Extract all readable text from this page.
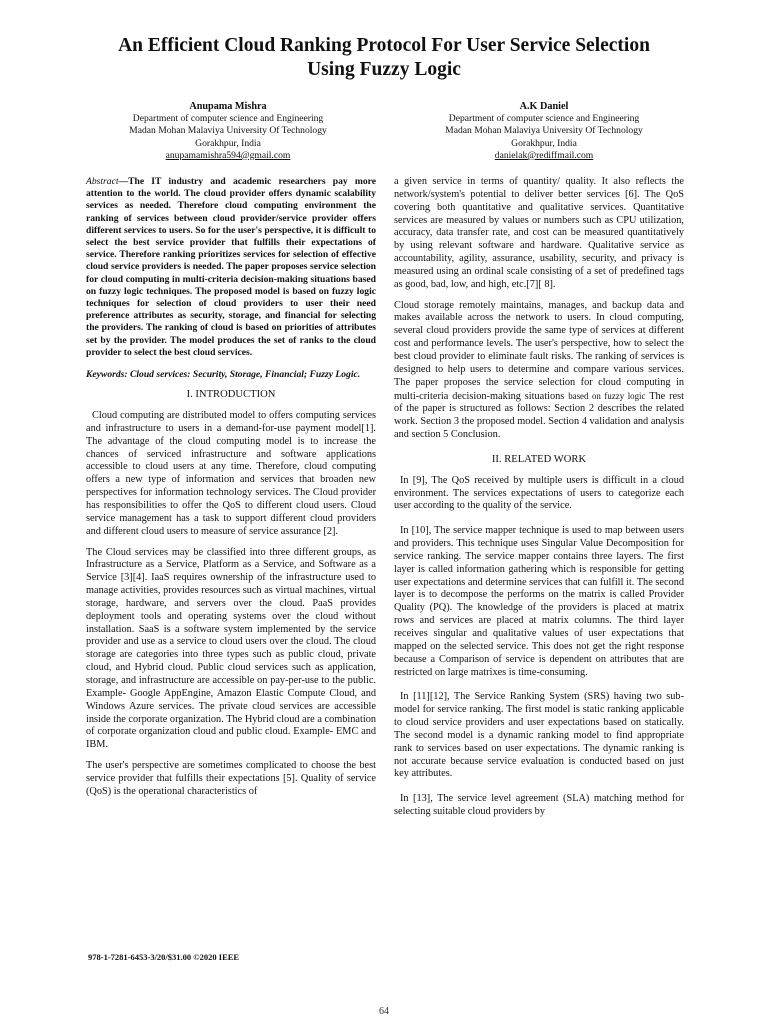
An Efficient Cloud Ranking Protocol For User Service Selection
Using Fuzzy Logic
Anupama Mishra
Department of computer science and Engineering
Madan Mohan Malaviya University Of Technology
Gorakhpur, India
anupamamishra594@gmail.com
A.K Daniel
Department of computer science and Engineering
Madan Mohan Malaviya University Of Technology
Gorakhpur, India
danielak@rediffmail.com

Abstract—The IT industry and academic researchers pay more attention to the world. The cloud provider offers dynamic scalability services as needed. Therefore cloud computing environment the ranking of services between cloud provider/service provider offers different services to users. So for the user's perspective, it is difficult to select the best service provider that fulfills their expectations of service. Therefore ranking prioritizes services for selection of effective cloud service providers is needed. The paper proposes service selection for cloud computing in multi-criteria decision-making situations based on fuzzy logic techniques. The proposed model is based on fuzzy logic techniques for selection of cloud providers to user their need preference attributes as security, storage, and financial for selecting the providers. The ranking of cloud is based on priorities of attributes set by the provider. The model produces the set of ranks to the cloud provider to select the best cloud services.

Keywords: Cloud services: Security, Storage, Financial; Fuzzy Logic.

I. INTRODUCTION

Cloud computing are distributed model to offers computing services and infrastructure to users in a demand-for-use payment model[1]. The advantage of the cloud computing model is to increase the chances of serviced infrastructure and software applications accessible to cloud users at any time. Therefore, cloud computing offers a new type of information and services that broaden new perspectives for information technology services. The Cloud provider has responsibilities to offer the QoS to different cloud users. Cloud service management has a task to support different cloud providers and different cloud users to measure of service assurance [2].

The Cloud services may be classified into three different groups, as Infrastructure as a Service, Platform as a Service, and Software as a Service [3][4]. IaaS requires ownership of the infrastructure used to manage activities, provides resources such as virtual machines, virtual storage, hardware, and servers over the cloud. PaaS provides deployment tools and operating systems over the cloud without installation. SaaS is a software system implemented by the service provider and use as a service to cloud users over the cloud. The cloud storage are categories into three types such as public cloud, private cloud, and Hybrid cloud. Public cloud services such as application, storage, and infrastructure are accessible on pay-per-use to the public. Example- Google AppEngine, Amazon Elastic Compute Cloud, and Windows Azure services. The private cloud services are accessible inside the corporate organization. The Hybrid cloud are a combination of corporate organization cloud and public cloud. Example- EMC and IBM.

The user's perspective are sometimes complicated to choose the best service provider that fulfills their expectations [5]. Quality of service (QoS) is the operational characteristics of

a given service in terms of quantity/ quality. It also reflects the network/system's potential to deliver better services [6]. The QoS covering both quantitative and qualitative services. Quantitative services are measured by values or numbers such as CPU utilization, accuracy, data transfer rate, and cost can be measured quantitatively by using relevant software and hardware. Qualitative service as accountability, agility, assurance, usability, security, and privacy is measured using an ordinal scale consisting of a set of predefined tags as good, bad, low, and high, etc.[7][ 8].

Cloud storage remotely maintains, manages, and backup data and makes available across the network to users. In cloud computing, several cloud providers provide the same type of services at different cost and performance levels. The user's perspective, how to select the best cloud provider to eliminate fault risks. The ranking of services is designed to help users to determine and compare various services. The paper proposes the service selection for cloud computing in multi-criteria decision-making situations based on fuzzy logic The rest of the paper is structured as follows: Section 2 describes the related work. Section 3 the proposed model. Section 4 validation and analysis and section 5 Conclusion.

II. RELATED WORK

In [9], The QoS received by multiple users is difficult in a cloud environment. The services expectations of users to categorize each user according to the quality of the service.

In [10], The service mapper technique is used to map between users and providers. This technique uses Singular Value Decomposition for service ranking. The service mapper contains three layers. The first layer is called information gathering which is responsible for getting user expectations and determine services that can fulfill it. The second layer is to decompose the performs on the matrix is called Provider Quality (PQ). The knowledge of the providers is placed at matrix rows and services are placed at matrix columns. The third layer receives singular and qualitative values of user expectations that mapped on the selected service. This does not get the right response because a Comparison of service is dependent on attributes that are restricted on large matrixes is time-consuming.

In [11][12], The Service Ranking System (SRS) having two sub-model for service ranking. The first model is static ranking applicable to cloud service providers and user expectations based on statically. The second model is a dynamic ranking model to find appropriate rank to services based on user expectations. The dynamic ranking is not accurate because service evaluation is conducted based on just key attributes.

In [13], The service level agreement (SLA) matching method for selecting suitable cloud providers by

978-1-7281-6453-3/20/$31.00 ©2020 IEEE
64
